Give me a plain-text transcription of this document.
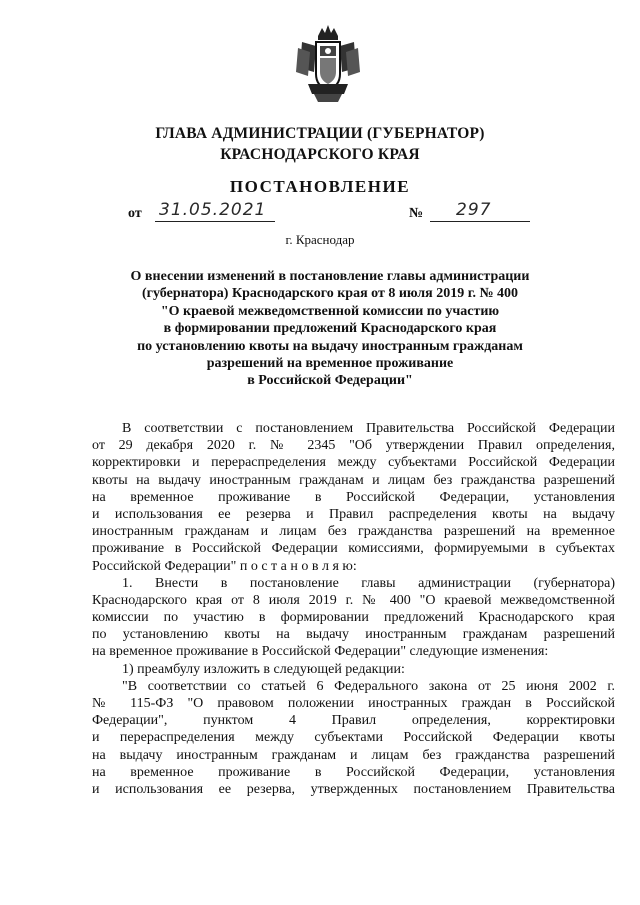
ГЛАВА АДМИНИСТРАЦИИ (ГУБЕРНАТОР)
КРАСНОДАРСКОГО КРАЯ
ПОСТАНОВЛЕНИЕ
от 31.05.2021	№	297
г. Краснодар
О внесении изменений в постановление главы администрации
(губернатора) Краснодарского края от 8 июля 2019 г. № 400
"О краевой межведомственной комиссии по участию
в формировании предложений Краснодарского края
по установлению квоты на выдачу иностранным гражданам
разрешений на временное проживание
в Российской Федерации"
В соответствии с постановлением Правительства Российской Федерации
от 29 декабря 2020 г. № 2345 "Об утверждении Правил определения,
корректировки и перераспределения между субъектами Российской Федерации
квоты на выдачу иностранным гражданам и лицам без гражданства разрешений
на временное проживание в Российской Федерации, установления
и использования ее резерва и Правил распределения квоты на выдачу
иностранным гражданам и лицам без гражданства разрешений на временное
проживание в Российской Федерации комиссиями, формируемыми в субъектах
Российской Федерации" п о с т а н о в л я ю:
1. Внести в постановление главы администрации (губернатора)
Краснодарского края от 8 июля 2019 г. № 400 "О краевой межведомственной
комиссии по участию в формировании предложений Краснодарского края
по установлению квоты на выдачу иностранным гражданам разрешений
на временное проживание в Российской Федерации" следующие изменения:
1) преамбулу изложить в следующей редакции:
"В соответствии со статьей 6 Федерального закона от 25 июня 2002 г.
№ 115-ФЗ "О правовом положении иностранных граждан в Российской
Федерации", пунктом 4 Правил определения, корректировки
и перераспределения между субъектами Российской Федерации квоты
на выдачу иностранным гражданам и лицам без гражданства разрешений
на временное проживание в Российской Федерации, установления
и использования ее резерва, утвержденных постановлением Правительства
